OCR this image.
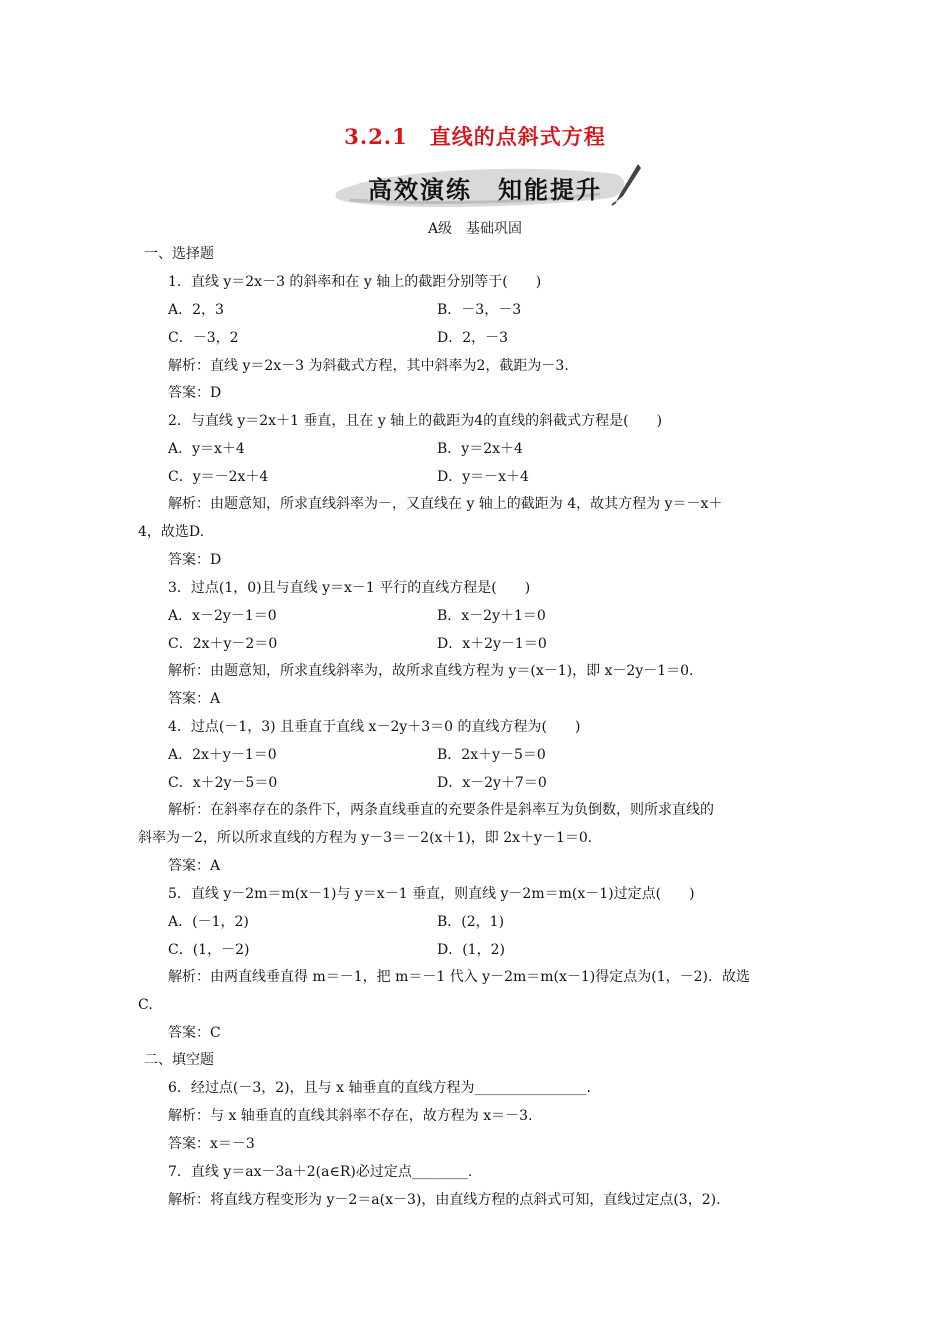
3.2.1　直线的点斜式方程
高效演练　知能提升
A级　基础巩固
一、选择题
1．直线 y＝2x－3 的斜率和在 y 轴上的截距分别等于(　　)
A．2，3	B．－3，－3
C．－3，2	D．2，－3
解析：直线 y＝2x－3 为斜截式方程，其中斜率为2，截距为－3.
答案：D
2．与直线 y＝2x＋1 垂直，且在 y 轴上的截距为4的直线的斜截式方程是(　　)
A．y＝x＋4	B．y＝2x＋4
C．y＝－2x＋4	D．y＝－x＋4
解析：由题意知，所求直线斜率为－，又直线在 y 轴上的截距为 4，故其方程为 y＝－x＋
4，故选D.
答案：D
3．过点(1，0)且与直线 y＝x－1 平行的直线方程是(　　)
A．x－2y－1＝0	B．x－2y＋1＝0
C．2x＋y－2＝0	D．x＋2y－1＝0
解析：由题意知，所求直线斜率为，故所求直线方程为 y＝(x－1)，即 x－2y－1＝0.
答案：A
4．过点(－1，3) 且垂直于直线 x－2y＋3＝0 的直线方程为(　　)
A．2x＋y－1＝0	B．2x＋y－5＝0
C．x＋2y－5＝0	D．x－2y＋7＝0
解析：在斜率存在的条件下，两条直线垂直的充要条件是斜率互为负倒数，则所求直线的
斜率为－2，所以所求直线的方程为 y－3＝－2(x＋1)，即 2x＋y－1＝0.
答案：A
5．直线 y－2m＝m(x－1)与 y＝x－1 垂直，则直线 y－2m＝m(x－1)过定点(　　)
A．(－1，2)	B．(2，1)
C．(1，－2)	D．(1，2)
解析：由两直线垂直得 m＝－1，把 m＝－1 代入 y－2m＝m(x－1)得定点为(1，－2)．故选
C.
答案：C
二、填空题
6．经过点(－3，2)，且与 x 轴垂直的直线方程为________________.
解析：与 x 轴垂直的直线其斜率不存在，故方程为 x＝－3.
答案：x＝－3
7．直线 y＝ax－3a＋2(a∈R)必过定点________.
解析：将直线方程变形为 y－2＝a(x－3)，由直线方程的点斜式可知，直线过定点(3，2).
